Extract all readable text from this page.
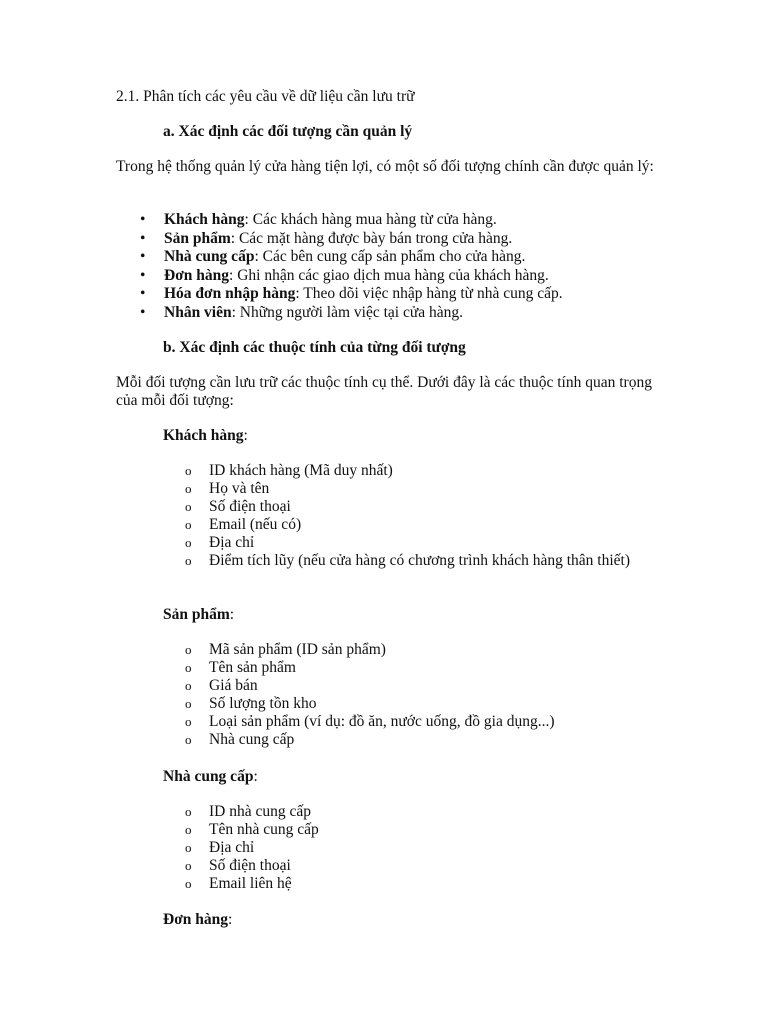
2.1. Phân tích các yêu cầu về dữ liệu cần lưu trữ
a. Xác định các đối tượng cần quản lý
Trong hệ thống quản lý cửa hàng tiện lợi, có một số đối tượng chính cần được quản lý:
• Khách hàng: Các khách hàng mua hàng từ cửa hàng.
• Sản phẩm: Các mặt hàng được bày bán trong cửa hàng.
• Nhà cung cấp: Các bên cung cấp sản phẩm cho cửa hàng.
• Đơn hàng: Ghi nhận các giao dịch mua hàng của khách hàng.
• Hóa đơn nhập hàng: Theo dõi việc nhập hàng từ nhà cung cấp.
• Nhân viên: Những người làm việc tại cửa hàng.
b. Xác định các thuộc tính của từng đối tượng
Mỗi đối tượng cần lưu trữ các thuộc tính cụ thể. Dưới đây là các thuộc tính quan trọng của mỗi đối tượng:
Khách hàng:
o ID khách hàng (Mã duy nhất)
o Họ và tên
o Số điện thoại
o Email (nếu có)
o Địa chỉ
o Điểm tích lũy (nếu cửa hàng có chương trình khách hàng thân thiết)
Sản phẩm:
o Mã sản phẩm (ID sản phẩm)
o Tên sản phẩm
o Giá bán
o Số lượng tồn kho
o Loại sản phẩm (ví dụ: đồ ăn, nước uống, đồ gia dụng...)
o Nhà cung cấp
Nhà cung cấp:
o ID nhà cung cấp
o Tên nhà cung cấp
o Địa chỉ
o Số điện thoại
o Email liên hệ
Đơn hàng:
